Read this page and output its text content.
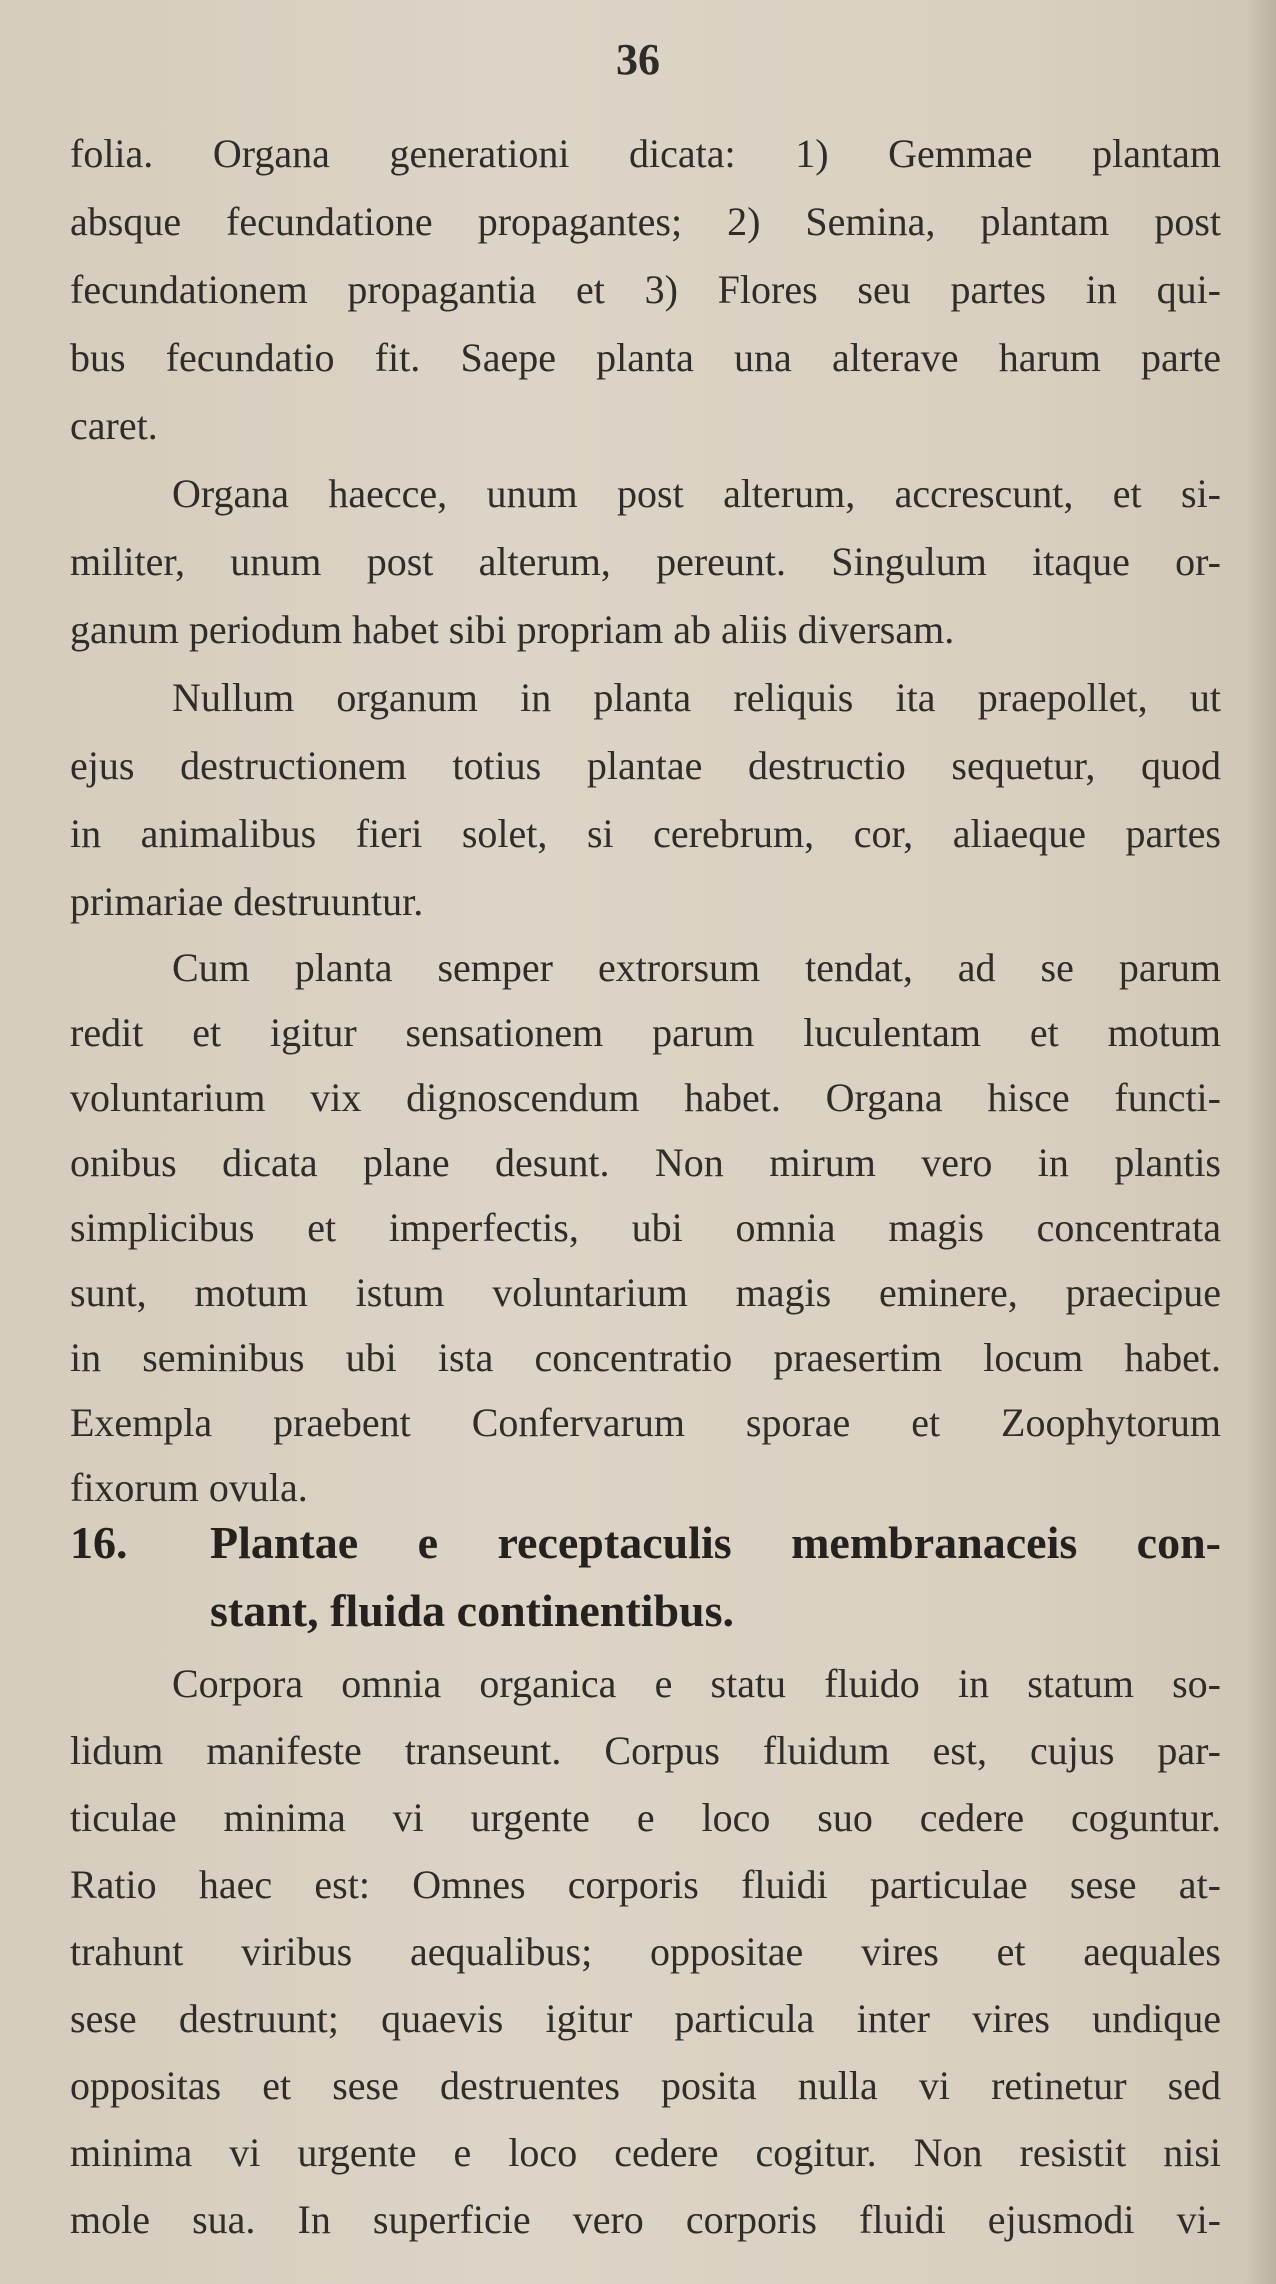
36
folia. Organa generationi dicata: 1) Gemmae plantam
absque fecundatione propagantes; 2) Semina, plantam post
fecundationem propagantia et 3) Flores seu partes in qui-
bus fecundatio fit. Saepe planta una alterave harum parte
caret.
Organa haecce, unum post alterum, accrescunt, et si-
militer, unum post alterum, pereunt. Singulum itaque or-
ganum periodum habet sibi propriam ab aliis diversam.
Nullum organum in planta reliquis ita praepollet, ut
ejus destructionem totius plantae destructio sequetur, quod
in animalibus fieri solet, si cerebrum, cor, aliaeque partes
primariae destruuntur.
Cum planta semper extrorsum tendat, ad se parum
redit et igitur sensationem parum luculentam et motum
voluntarium vix dignoscendum habet. Organa hisce functi-
onibus dicata plane desunt. Non mirum vero in plantis
simplicibus et imperfectis, ubi omnia magis concentrata
sunt, motum istum voluntarium magis eminere, praecipue
in seminibus ubi ista concentratio praesertim locum habet.
Exempla praebent Confervarum sporae et Zoophytorum
fixorum ovula.
16. Plantae e receptaculis membranaceis con-
stant, fluida continentibus.
Corpora omnia organica e statu fluido in statum so-
lidum manifeste transeunt. Corpus fluidum est, cujus par-
ticulae minima vi urgente e loco suo cedere coguntur.
Ratio haec est: Omnes corporis fluidi particulae sese at-
trahunt viribus aequalibus; oppositae vires et aequales
sese destruunt; quaevis igitur particula inter vires undique
oppositas et sese destruentes posita nulla vi retinetur sed
minima vi urgente e loco cedere cogitur. Non resistit nisi
mole sua. In superficie vero corporis fluidi ejusmodi vi-
